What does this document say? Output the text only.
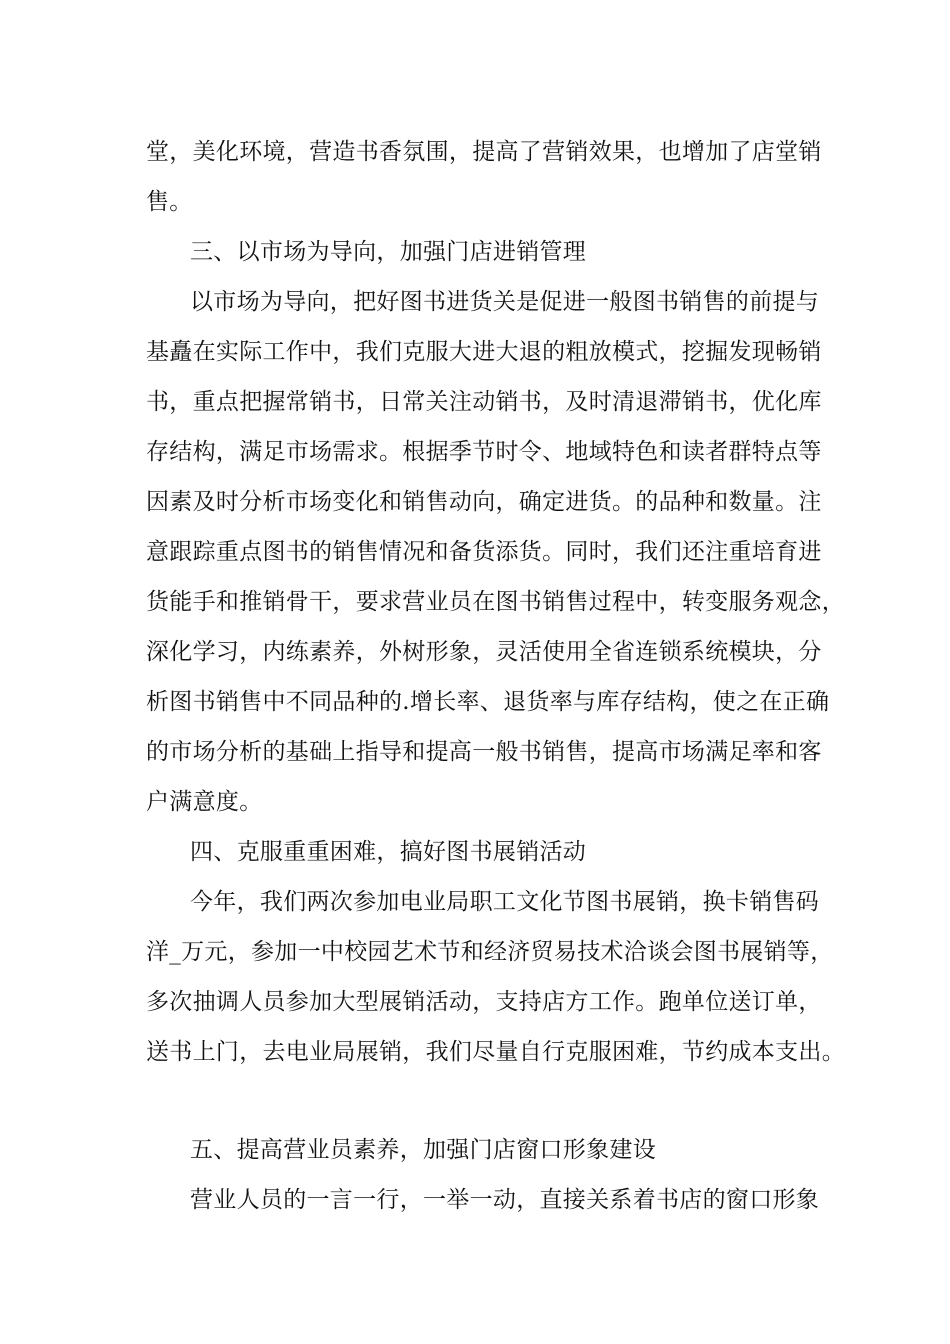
堂，美化环境，营造书香氛围，提高了营销效果，也增加了店堂销
售。
三、以市场为导向，加强门店进销管理
以市场为导向，把好图书进货关是促进一般图书销售的前提与
基矗在实际工作中，我们克服大进大退的粗放模式，挖掘发现畅销
书，重点把握常销书，日常关注动销书，及时清退滞销书，优化库
存结构，满足市场需求。根据季节时令、地域特色和读者群特点等
因素及时分析市场变化和销售动向，确定进货。的品种和数量。注
意跟踪重点图书的销售情况和备货添货。同时，我们还注重培育进
货能手和推销骨干，要求营业员在图书销售过程中，转变服务观念，
深化学习，内练素养，外树形象，灵活使用全省连锁系统模块，分
析图书销售中不同品种的.增长率、退货率与库存结构，使之在正确
的市场分析的基础上指导和提高一般书销售，提高市场满足率和客
户满意度。
四、克服重重困难，搞好图书展销活动
今年，我们两次参加电业局职工文化节图书展销，换卡销售码
洋_万元，参加一中校园艺术节和经济贸易技术洽谈会图书展销等，
多次抽调人员参加大型展销活动，支持店方工作。跑单位送订单，
送书上门，去电业局展销，我们尽量自行克服困难，节约成本支出。
五、提高营业员素养，加强门店窗口形象建设
营业人员的一言一行，一举一动，直接关系着书店的窗口形象
